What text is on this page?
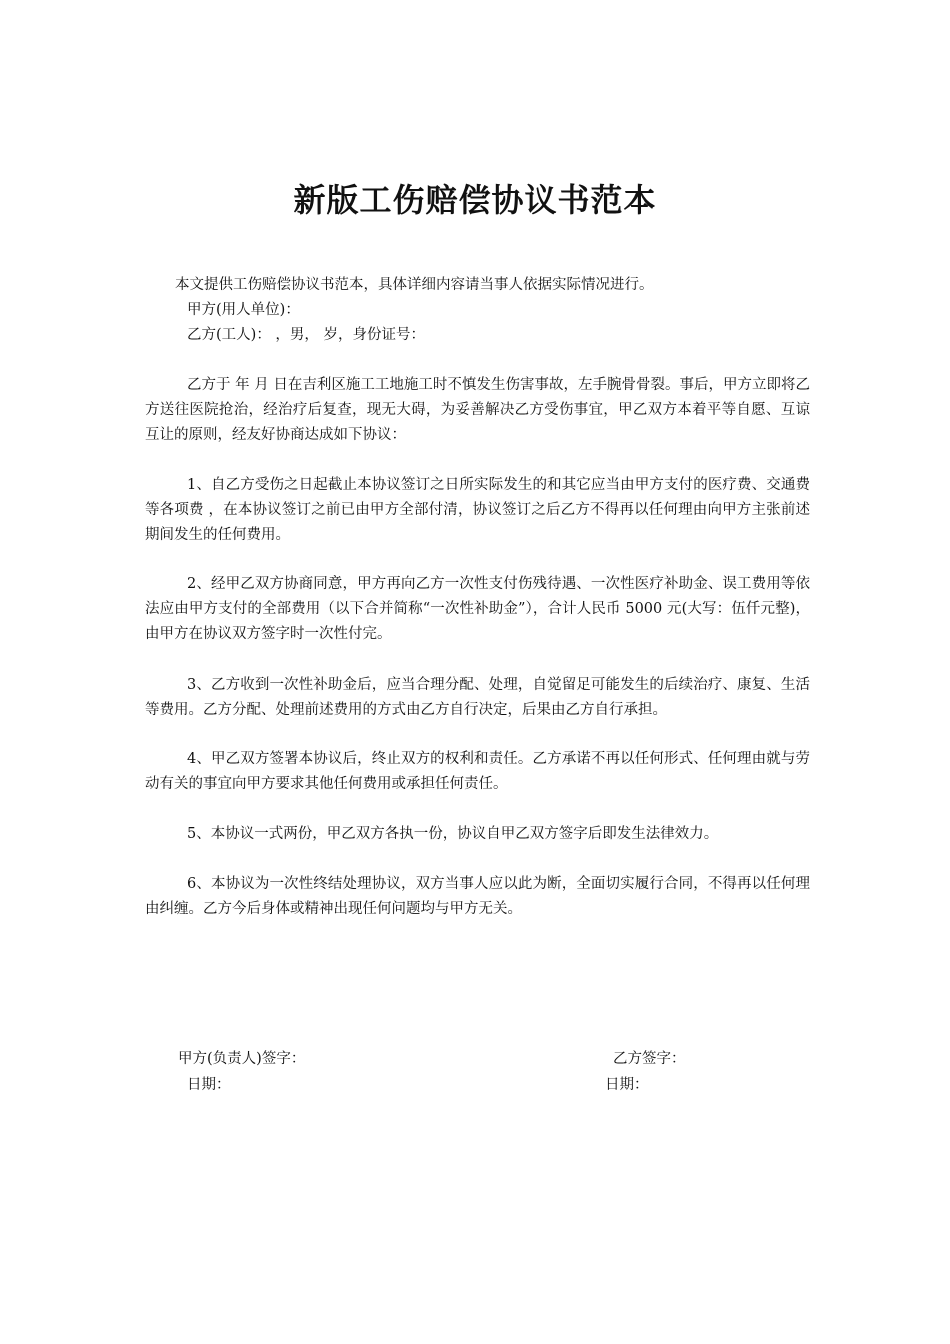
新版工伤赔偿协议书范本
本文提供工伤赔偿协议书范本，具体详细内容请当事人依据实际情况进行。
甲方(用人单位)：
乙方(工人)： ，男， 岁，身份证号：
乙方于 年 月 日在吉利区施工工地施工时不慎发生伤害事故，左手腕骨骨裂。事后，甲方立即将乙方送往医院抢治，经治疗后复查，现无大碍，为妥善解决乙方受伤事宜，甲乙双方本着平等自愿、互谅互让的原则，经友好协商达成如下协议：
1、自乙方受伤之日起截止本协议签订之日所实际发生的和其它应当由甲方支付的医疗费、交通费等各项费 ，在本协议签订之前已由甲方全部付清，协议签订之后乙方不得再以任何理由向甲方主张前述期间发生的任何费用。
2、经甲乙双方协商同意，甲方再向乙方一次性支付伤残待遇、一次性医疗补助金、误工费用等依法应由甲方支付的全部费用（以下合并简称“一次性补助金”），合计人民币 5000 元(大写：伍仟元整)，由甲方在协议双方签字时一次性付完。
3、乙方收到一次性补助金后，应当合理分配、处理，自觉留足可能发生的后续治疗、康复、生活等费用。乙方分配、处理前述费用的方式由乙方自行决定，后果由乙方自行承担。
4、甲乙双方签署本协议后，终止双方的权利和责任。乙方承诺不再以任何形式、任何理由就与劳动有关的事宜向甲方要求其他任何费用或承担任何责任。
5、本协议一式两份，甲乙双方各执一份，协议自甲乙双方签字后即发生法律效力。
6、本协议为一次性终结处理协议，双方当事人应以此为断，全面切实履行合同，不得再以任何理由纠缠。乙方今后身体或精神出现任何问题均与甲方无关。
甲方(负责人)签字：	乙方签字：
日期：	日期：
